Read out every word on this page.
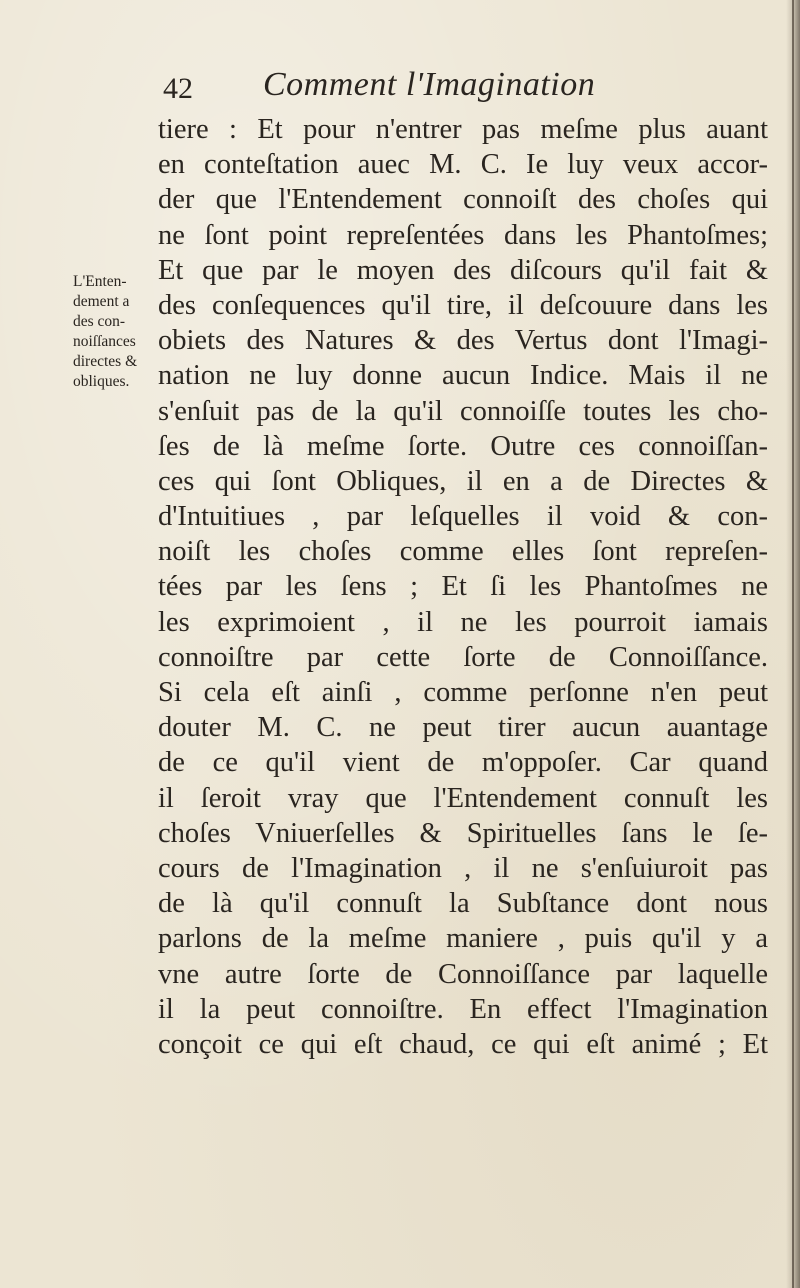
42 Comment l'Imagination
L'Enten-
dement a
des con-
noiſſances
directes &
obliques.
tiere : Et pour n'entrer pas meſme plus auant
en conteſtation auec M. C. Ie luy veux accor-
der que l'Entendement connoiſt des choſes qui
ne ſont point repreſentées dans les Phantoſmes;
Et que par le moyen des diſcours qu'il fait &
des conſequences qu'il tire, il deſcouure dans les
obiets des Natures & des Vertus dont l'Imagi-
nation ne luy donne aucun Indice. Mais il ne
s'enſuit pas de la qu'il connoiſſe toutes les cho-
ſes de là meſme ſorte. Outre ces connoiſſan-
ces qui ſont Obliques, il en a de Directes &
d'Intuitiues , par leſquelles il void & con-
noiſt les choſes comme elles ſont repreſen-
tées par les ſens ; Et ſi les Phantoſmes ne
les exprimoient , il ne les pourroit iamais
connoiſtre par cette ſorte de Connoiſſance.
Si cela eſt ainſi , comme perſonne n'en peut
douter M. C. ne peut tirer aucun auantage
de ce qu'il vient de m'oppoſer. Car quand
il ſeroit vray que l'Entendement connuſt les
choſes Vniuerſelles & Spirituelles ſans le ſe-
cours de l'Imagination , il ne s'enſuiuroit pas
de là qu'il connuſt la Subſtance dont nous
parlons de la meſme maniere , puis qu'il y a
vne autre ſorte de Connoiſſance par laquelle
il la peut connoiſtre. En effect l'Imagination
conçoit ce qui eſt chaud, ce qui eſt animé ; Et
